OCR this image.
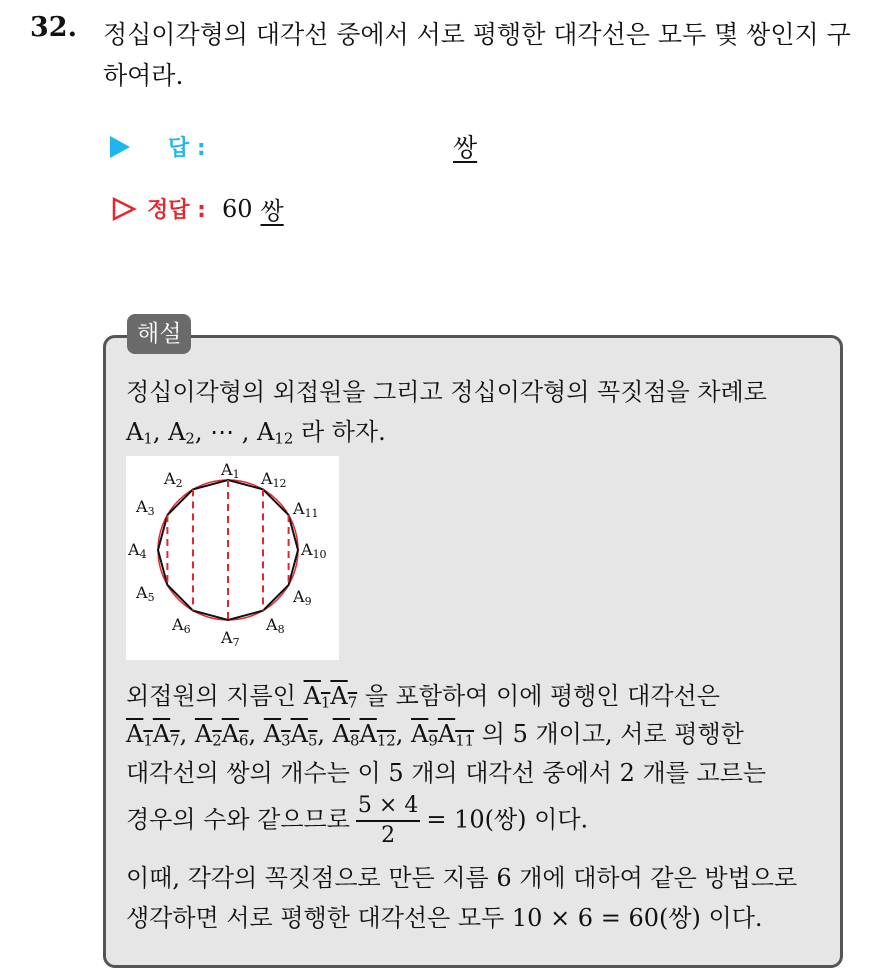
32. 정십이각형의 대각선 중에서 서로 평행한 대각선은 모두 몇 쌍인지 구하여라.
답 :	쌍
정답 : 60 쌍
해설
정십이각형의 외접원을 그리고 정십이각형의 꼭짓점을 차례로
$A_1$, $A_2$, ⋯ , $A_{12}$ 라 하자.
A1
A2
A3
A4
A5
A6 A7
A8
A9
A10
A11
A12
외접원의 지름인 $A_1A_7$ 을 포함하여 이에 평행인 대각선은
$A_1A_7$, $A_2A_6$, $A_3A_5$, $A_8A_{12}$, $A_9A_{11}$ 의 5 개이고, 서로 평행한
대각선의 쌍의 개수는 이 5 개의 대각선 중에서 2 개를 고르는
경우의 수와 같으므로 $\frac{5 \times 4}{2} = 10$(쌍) 이다.
이때, 각각의 꼭짓점으로 만든 지름 6 개에 대하여 같은 방법으로
생각하면 서로 평행한 대각선은 모두 10 × 6 = 60(쌍) 이다.
